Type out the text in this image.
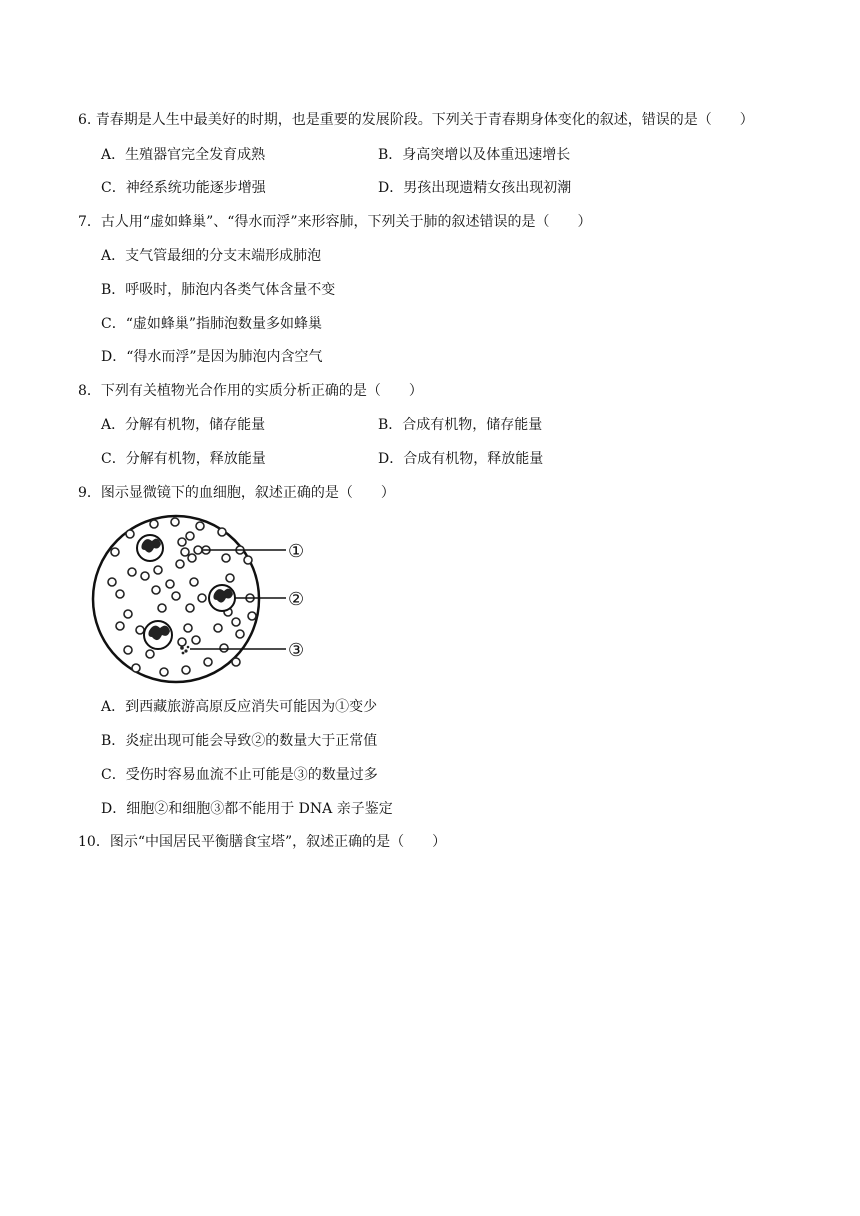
6. 青春期是人生中最美好的时期，也是重要的发展阶段。下列关于青春期身体变化的叙述，错误的是（　　）
A．生殖器官完全发育成熟	B．身高突增以及体重迅速增长
C．神经系统功能逐步增强	D．男孩出现遗精女孩出现初潮
7．古人用“虚如蜂巢”、“得水而浮”来形容肺，下列关于肺的叙述错误的是（　　）
A．支气管最细的分支末端形成肺泡
B．呼吸时，肺泡内各类气体含量不变
C．“虚如蜂巢”指肺泡数量多如蜂巢
D．“得水而浮”是因为肺泡内含空气
8．下列有关植物光合作用的实质分析正确的是（　　）
A．分解有机物，储存能量	B．合成有机物，储存能量
C．分解有机物，释放能量	D．合成有机物，释放能量
9．图示显微镜下的血细胞，叙述正确的是（　　）
①
②
③
A．到西藏旅游高原反应消失可能因为①变少
B．炎症出现可能会导致②的数量大于正常值
C．受伤时容易血流不止可能是③的数量过多
D．细胞②和细胞③都不能用于 DNA 亲子鉴定
10．图示“中国居民平衡膳食宝塔”，叙述正确的是（　　）
